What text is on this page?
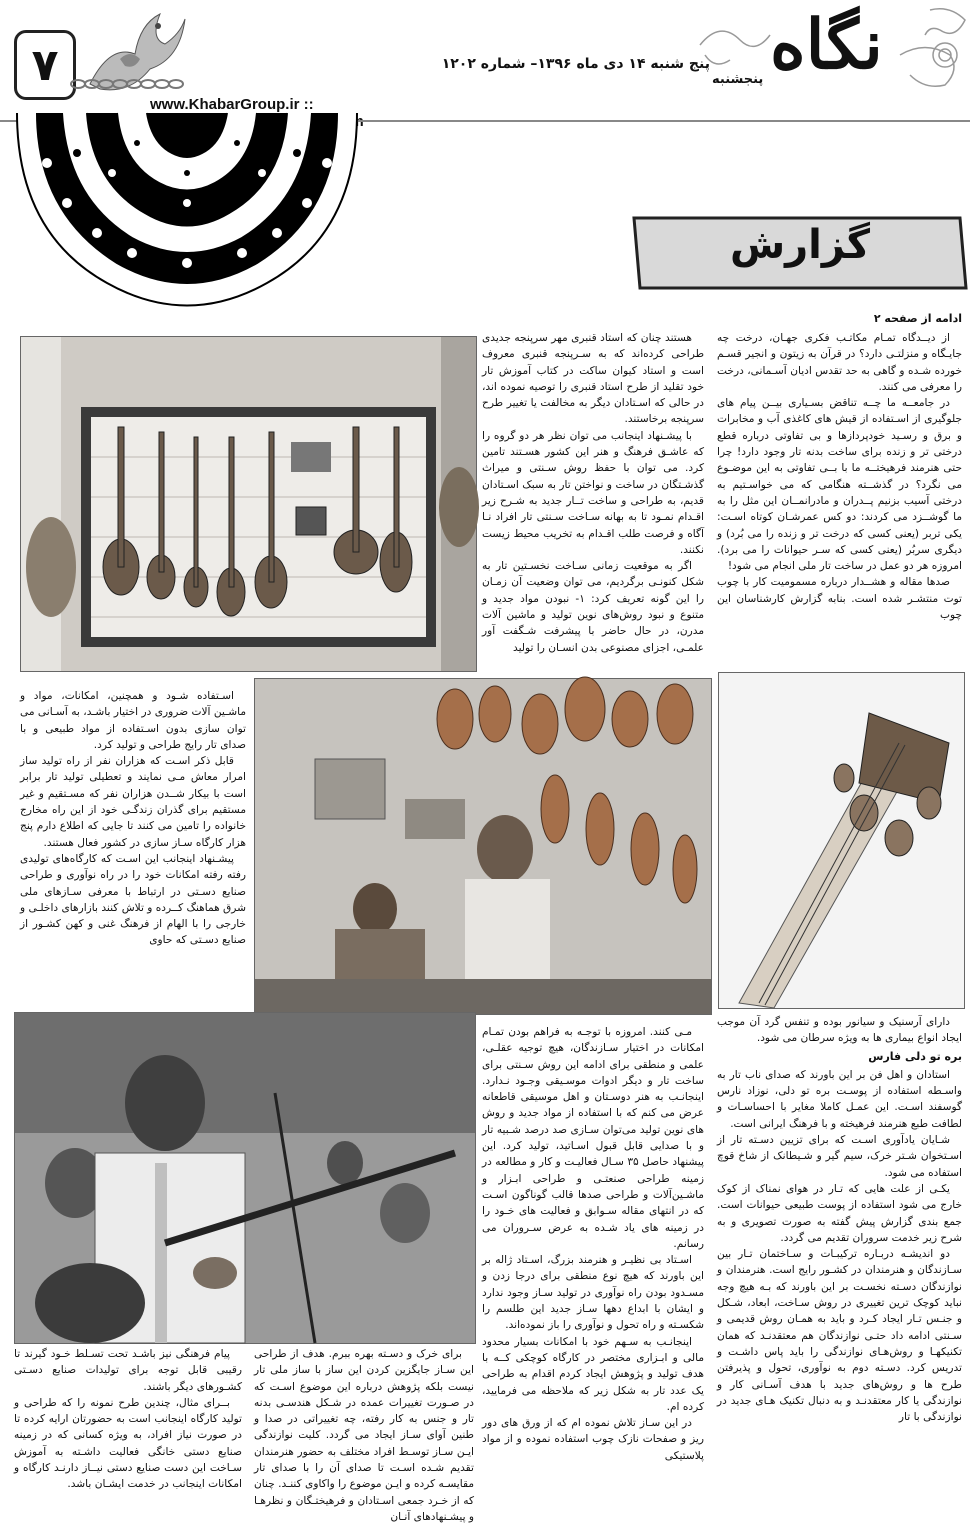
۷	پنج شنبه ۱۴ دی ماه ۱۳۹۶– شماره ۱۲۰۲
www.KhabarGroup.ir ::
نگاه
پنجشنبه
گزارش
ادامه از صفحه ۲

از دیــدگاه تمـام مکاتـب فکری جهـان، درخت چه جایـگاه و منزلتـی دارد؟ در قرآن به زیتون و انجیر قسـم خورده شـده و گاهی به حد تقدس ادیان آسـمانی، درخت را معرفی می کنند.

در جامعــه ما چــه تناقض بسـیاری بیــن پیام های جلوگیری از اسـتفاده از قیش های کاغذی آب و مخابرات و برق و رسـید خودپردازها و بی تفاوتی درباره قطع درختی تر و زنده برای ساخت بدنه تار وجود دارد! چرا حتی هنرمند فرهیختــه ما با بــی تفاوتی به این موضـوع می نگرد؟ در گذشــته هنگامی که می خواسـتیم به درختی آسیب بزنیم پــدران و مادرانمــان این مثل را به ما گوشــزد می کردند: دو کس عمرشـان کوتاه اسـت: یکی تربر (یعنی کسی که درخت تر و زنده را می بُرد) و دیگری سربُر (یعنی کسی که سـر حیوانات را می برد). امروزه هر دو عمل در ساخت تار ملی انجام می شود!

صدها مقاله و هشــدار درباره مسمومیت کار با چوب توت منتشـر شده است. بنابه گزارش کارشناسان این چوب

هستند چنان که استاد قنبری مهر سرپنجه جدیدی طراحی کرده‌اند که به سـرپنجه قنبری معروف است و استاد کیوان ساکت در کتاب آموزش تار خود تقلید از طرح استاد قنبری را توصیه نموده اند، در حالی که اسـتادان دیگر به مخالفت یا تغییر طرح سرپنجه برخاستند.

با پیشـنهاد اینجانب می توان نظر هر دو گروه را که عاشـق فرهنگ و هنر این کشور هسـتند تامین کرد. می توان با حفظ روش سـنتی و میراث گذشـتگان در ساخت و نواختن تار به سبک اسـتادان قدیم، به طراحی و ساخت تــار جدید به شـرح زیر اقـدام نمـود تا به بهانه سـاخت سـنتی تار افراد نـا آگاه و فرصت طلب اقـدام به تخریب محیط زیست نکنند.

اگر به موقعیت زمانی سـاخت نخسـتین تار به شکل کنونـی برگردیم، می توان وضعیت آن زمـان را این گونه تعریف کرد: ۱- نبودن مواد جدید و متنوع و نبود روش‌های نوین تولید و ماشین آلات مدرن، در حال حاضر با پیشرفت شـگفت آور علمـی، اجزای مصنوعی بدن انسـان را تولید

اسـتفاده شـود و همچنین، امکانات، مواد و ماشـین آلات ضروری در اختیار باشـد، به آسـانی می توان سازی بدون اسـتفاده از مواد طبیعی و با صدای تار رایج طراحی و تولید کرد.

قابل ذکر اسـت که هزاران نفر از راه تولید ساز امرار معاش مـی نمایند و تعطیلی تولید تار برابر است با بیکار شــدن هزاران نفر که مسـتقیم و غیر مستقیم برای گذران زندگـی خود از این راه مخارج خانواده را تامین می کنند تا جایی که اطلاع دارم پنج هزار کارگاه سـاز سازی در کشور فعال هستند.

پیشـنهاد اینجانب این اسـت که کارگاه‌های تولیدی رفته رفته امکانات خود را در راه نوآوری و طراحی صنایع دسـتی در ارتباط با معرفی سـازهای ملی شرق هماهنگ کــرده و تلاش کنند بازارهای داخلـی و خارجی را با الهام از فرهنگ غنی و کهن کشـور از صنایع دسـتی که حاوی

دارای آرسنیک و سیانور بوده و تنفس گرد آن موجب ایجاد انواع بیماری ها به ویژه سرطان می شود.

بره تو دلی فارس

استادان و اهل فن بر این باورند که صدای ناب تار به واسـطه استفاده از پوسـت بره تو دلی، نوزاد نارس گوسفند اسـت. این عمـل کاملا مغایر با احساسـات و لطافت طبع هنرمند فرهیخته و با فرهنگ ایرانی است.

شـایان یادآوری اسـت که برای تزیین دسـته تار از اسـتخوان شـتر خرک، سیم گیر و شـیطانک از شاخ قوچ استفاده می شود.

یکـی از علت هایی که تـار در هوای نمناک از کوک خارج می شود استفاده از پوست طبیعی حیوانات است. جمع بندی گزارش پیش گفته به صورت تصویری و به شرح زیر خدمت سروران تقدیم می گردد.

دو اندیشـه دربـاره ترکیبـات و سـاختمان تـار بین سـازندگان و هنرمندان در کشـور رایج است. هنرمندان و نوازندگان دسـته نخسـت بر این باورند که بـه هیچ وجه نباید کوچک ترین تغییری در روش سـاخت، ابعاد، شـکل و جنـس تـار ایجاد کـرد و باید به همـان روش قدیمی و سـنتی ادامه داد حتـی نوازندگان هم معتقدنـد که همان تکنیکهـا و روش‌هـای نوازندگی را باید پاس داشـت و تدریس کرد. دسـته دوم به نوآوری، تحول و پذیرفتن طرح ها و روش‌های جدید با هدف آسـانی کار و نوازندگی یا کار معتقدنـد و به دنبال تکنیک هـای جدید در نوازندگی با تار

مـی کنند. امروزه با توجـه به فراهم بودن تمـام امکانات در اختیار سـازندگان، هیچ توجیه عقلـی، علمی و منطقی برای ادامه این روش سـنتی برای ساخت تار و دیگر ادوات موسـیقی وجـود نـدارد. اینجانـب به هنر دوسـتان و اهل موسیقی قاطعانه عرض می کنم که با استفاده از مواد جدید و روش های نوین تولید می‌توان سـازی صد درصد شـبیه تار و با صدایی قابل قبول اسـاتید، تولید کرد. این پیشنهاد حاصل ۳۵ سـال فعالیـت و کار و مطالعه در زمینه طراحی صنعتـی و طراحی ابـزار و ماشـین‌آلات و طراحی صدها قالب گوناگون اسـت که در انتهای مقاله سـوابق و فعالیت های خـود را در زمینه های یاد شـده به عرض سـروران می رسانم.

اسـتاد بی نظیـر و هنرمند بزرگ، اسـتاد ژاله بر این باورند که هیچ نوع منطقی برای درجا زدن و مسـدود بودن راه نوآوری در تولید سـاز وجود ندارد و ایشان با ابداع دهها سـاز جدید این طلسم را شکسـته و راه تحول و نوآوری را باز نموده‌اند.

اینجانـب به سـهم خود با امکانات بسیار محدود مالی و ابـزاری مختصر در کارگاه کوچکی کــه با هدف تولید و پژوهش ایجاد کردم اقدام به طراحی یک عدد تار به شکل زیر که ملاحظه می فرمایید، کرده ام.

در این سـاز تلاش نموده ام که از ورق های دور ریز و صفحات نازک چوب استفاده نموده و از مواد پلاستیکی

برای خرک و دسـته بهره ببرم. هدف از طراحی این سـاز جایگزین کردن این ساز با ساز ملی تار نیست بلکه پژوهش درباره این موضوع اسـت که در صـورت تغییرات عمده در شـکل هندسـی بدنه تار و جنس به کار رفته، چه تغییراتی در صدا و طنین آوای سـاز ایجاد می گردد. کلیت نوازندگی ایـن سـاز توسـط افراد مختلف به حضور هنرمندان تقدیم شـده اسـت تا صدای آن را با صدای تار مقایسـه کرده و ایـن موضوع را واکاوی کننـد. چنان که از خـرد جمعی اسـتادان و فرهیختـگان و نظرهـا و پیشـنهادهای آنـان

پیام فرهنگی نیز باشـد تحت تسـلط خـود گیرند تا رقیبی قابل توجه برای تولیدات صنایع دسـتی کشـورهای دیگر باشند.

بــرای مثال، چندین طرح نمونه را که طراحی و تولید کارگاه اینجانب است به حضورتان ارایه کرده تا در صورت نیاز افراد، به ویژه کسانی که در زمینه صنایع دستی خانگی فعالیت داشـته به آموزش سـاخت این دست صنایع دستی نیــاز دارنـد کارگاه و امکانات اینجانب در خدمت ایشـان باشد.
